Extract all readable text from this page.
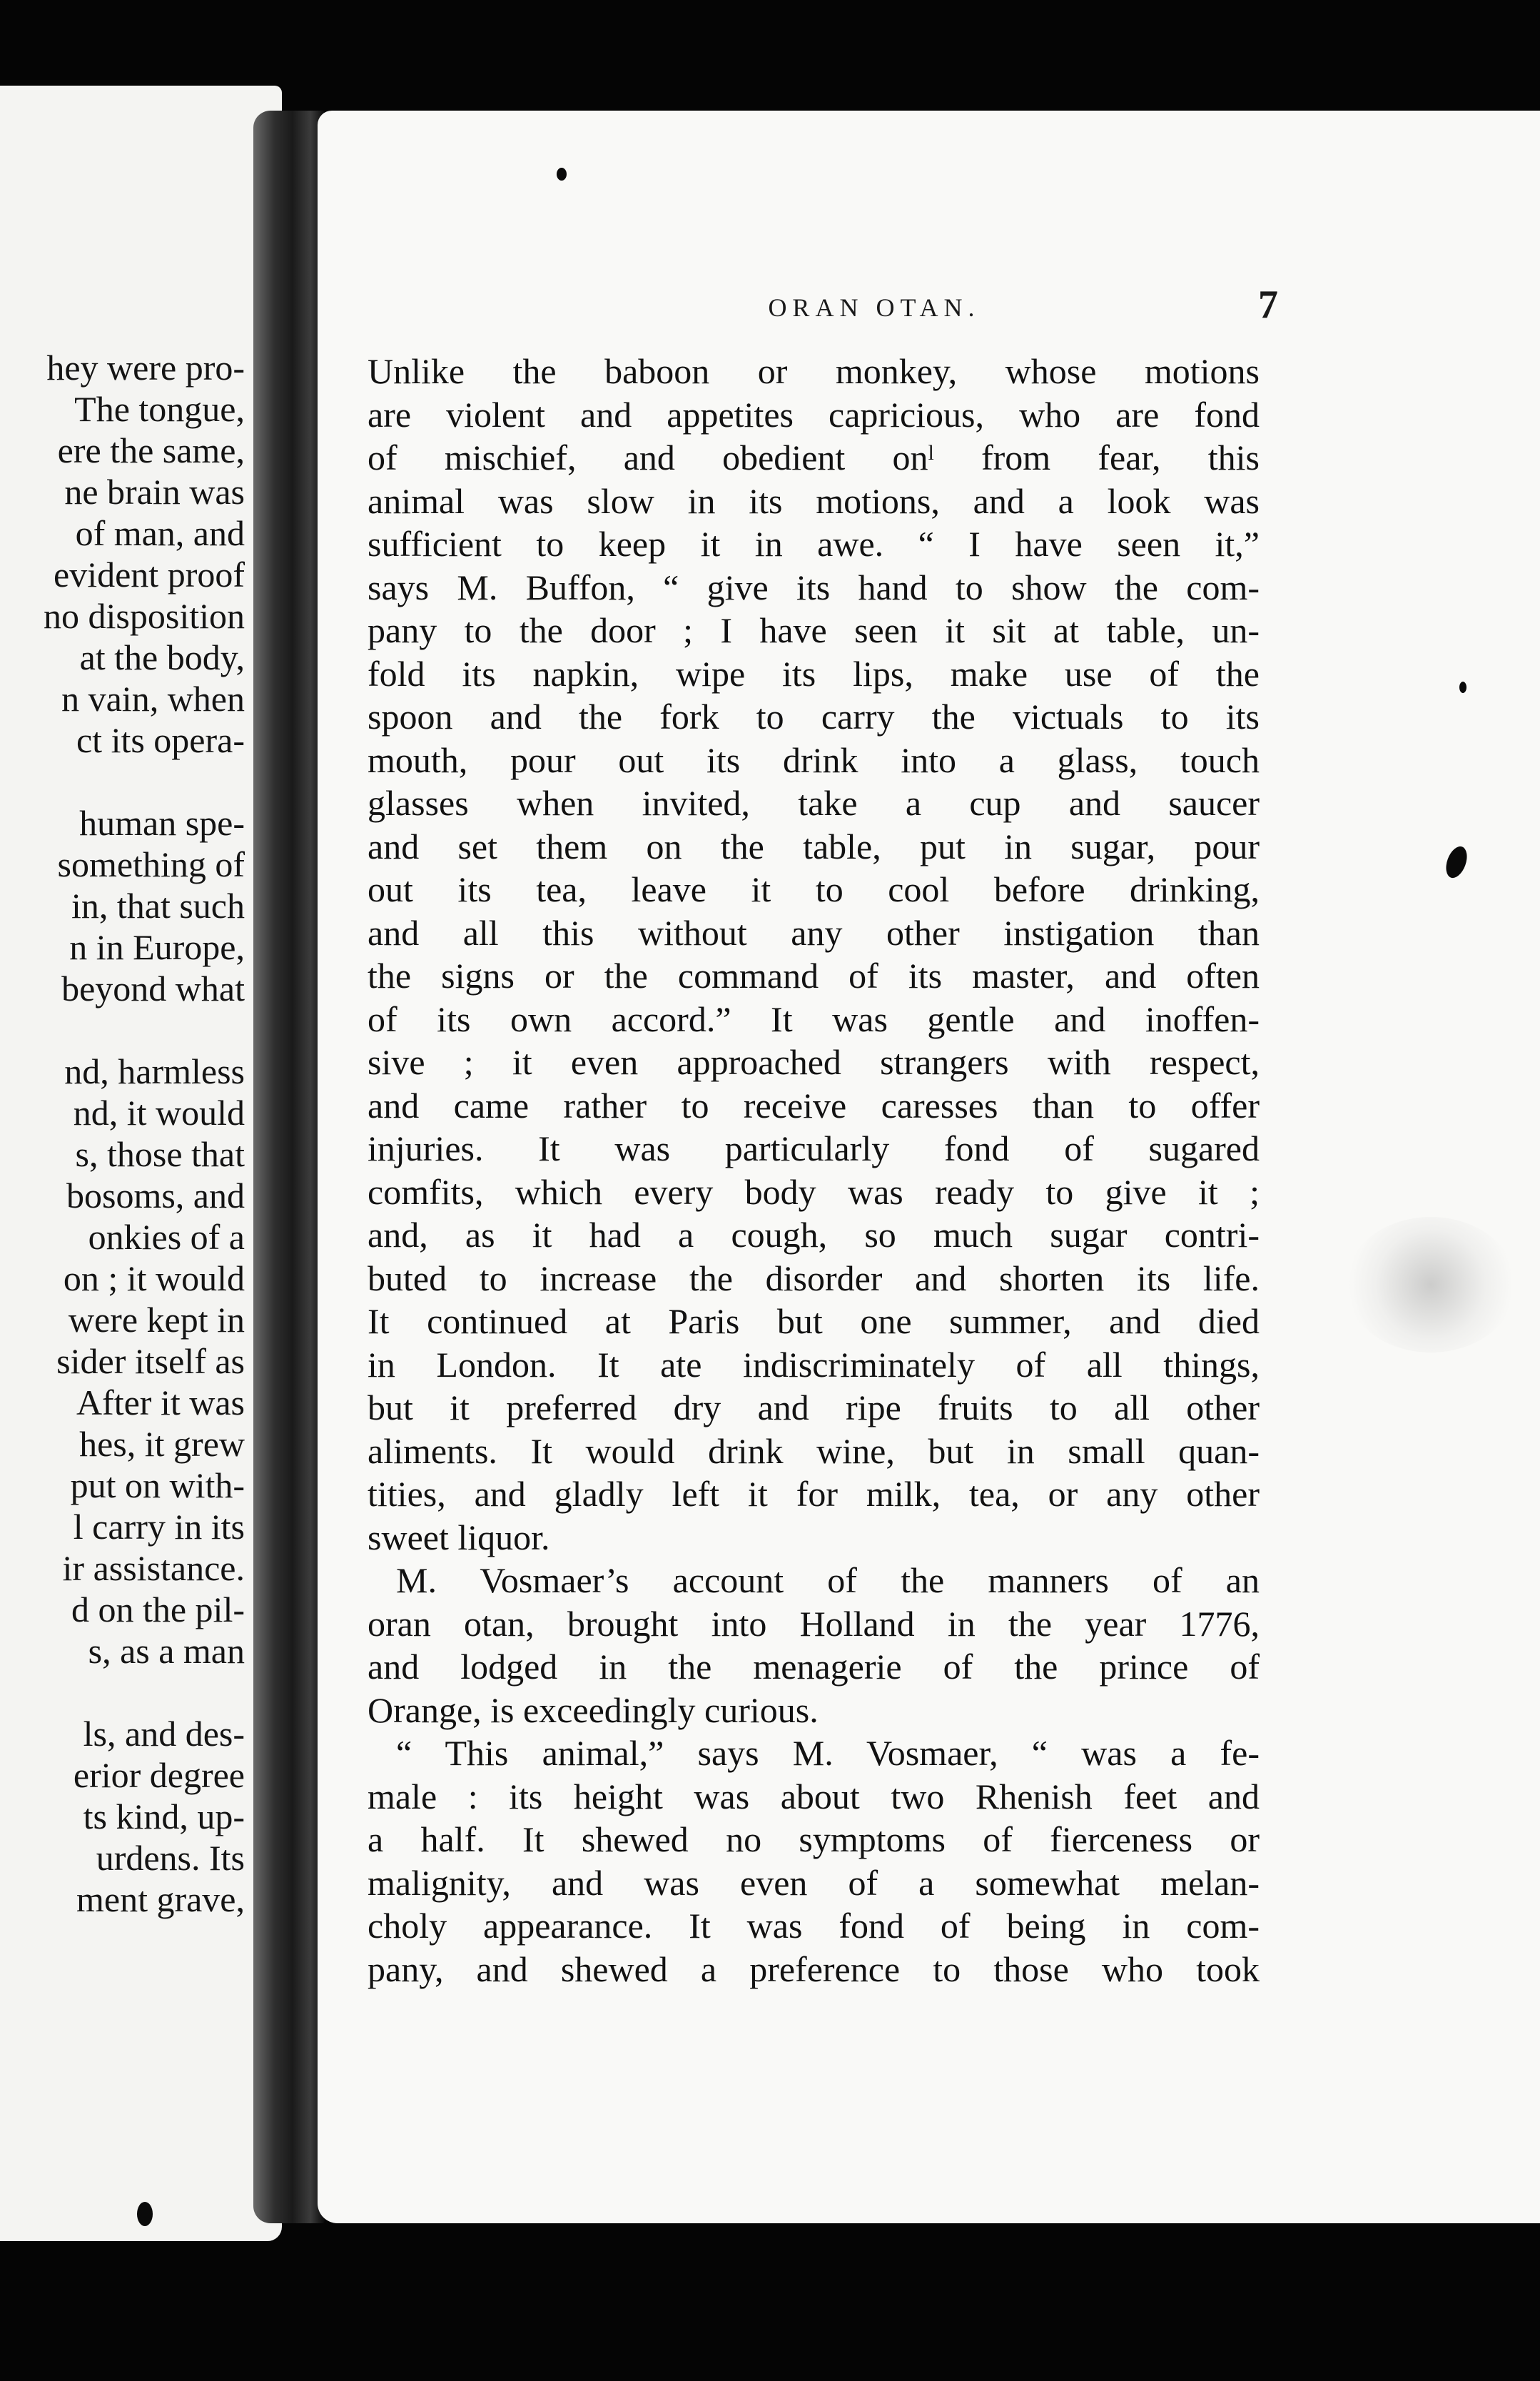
hey were pro-
The tongue,
ere the same,
ne brain was
of man, and
evident proof
no disposition
at the body,
n vain, when
ct its opera-
human spe-
something of
in, that such
n in Europe,
beyond what
nd, harmless
nd, it would
s, those that
bosoms, and
onkies of a
on ; it would
were kept in
sider itself as
After it was
hes, it grew
put on with-
l carry in its
ir assistance.
d on the pil-
s, as a man
ls, and des-
erior degree
ts kind, up-
urdens. Its
ment grave,
ORAN OTAN.	7
Unlike the baboon or monkey, whose motions
are violent and appetites capricious, who are fond
of mischief, and obedient onˡ from fear, this
animal was slow in its motions, and a look was
sufficient to keep it in awe. “ I have seen it,”
says M. Buffon, “ give its hand to show the com-
pany to the door ; I have seen it sit at table, un-
fold its napkin, wipe its lips, make use of the
spoon and the fork to carry the victuals to its
mouth, pour out its drink into a glass, touch
glasses when invited, take a cup and saucer
and set them on the table, put in sugar, pour
out its tea, leave it to cool before drinking,
and all this without any other instigation than
the signs or the command of its master, and often
of its own accord.” It was gentle and inoffen-
sive ; it even approached strangers with respect,
and came rather to receive caresses than to offer
injuries. It was particularly fond of sugared
comfits, which every body was ready to give it ;
and, as it had a cough, so much sugar contri-
buted to increase the disorder and shorten its life.
It continued at Paris but one summer, and died
in London. It ate indiscriminately of all things,
but it preferred dry and ripe fruits to all other
aliments. It would drink wine, but in small quan-
tities, and gladly left it for milk, tea, or any other
sweet liquor.
M. Vosmaer’s account of the manners of an
oran otan, brought into Holland in the year 1776,
and lodged in the menagerie of the prince of
Orange, is exceedingly curious.
“ This animal,” says M. Vosmaer, “ was a fe-
male : its height was about two Rhenish feet and
a half. It shewed no symptoms of fierceness or
malignity, and was even of a somewhat melan-
choly appearance. It was fond of being in com-
pany, and shewed a preference to those who took
